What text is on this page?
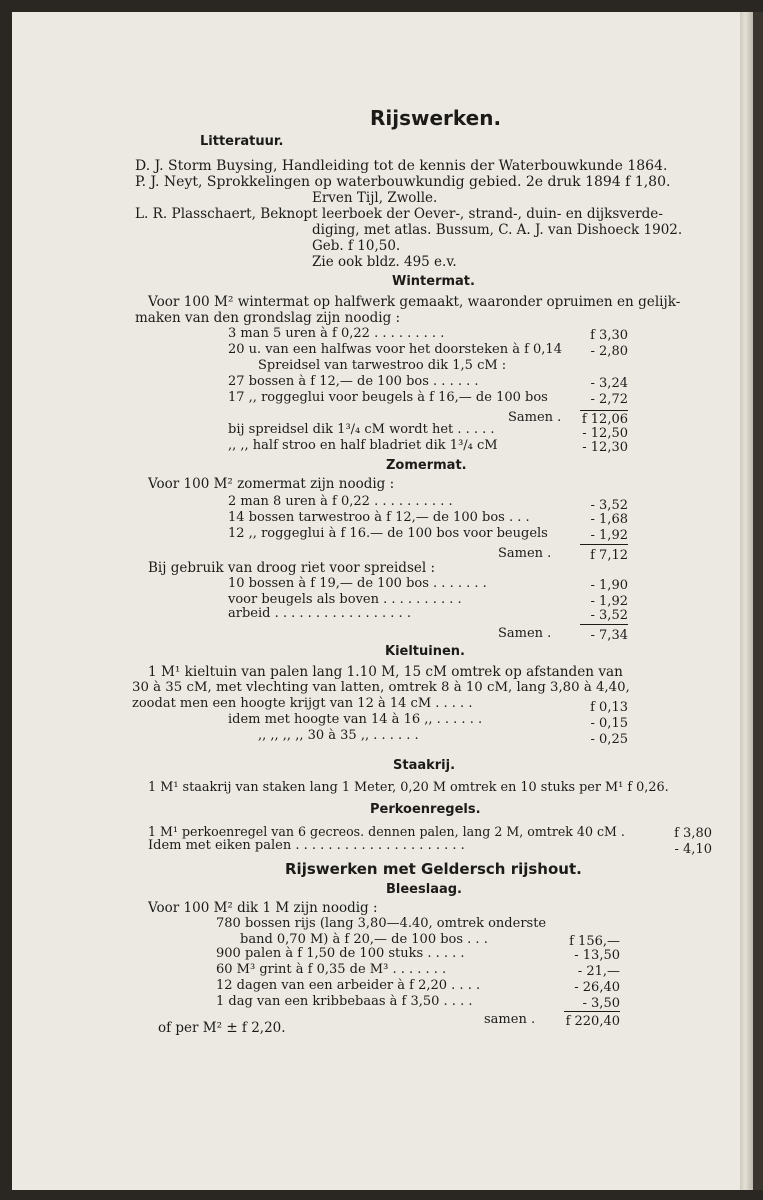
Rijswerken.
Litteratuur.
D. J. Storm Buysing, Handleiding tot de kennis der Waterbouwkunde 1864.
P. J. Neyt, Sprokkelingen op waterbouwkundig gebied. 2e druk 1894 f 1,80.
Erven Tijl, Zwolle.
L. R. Plasschaert, Beknopt leerboek der Oever-, strand-, duin- en dijksverde-
diging, met atlas. Bussum, C. A. J. van Dishoeck 1902.
Geb. f 10,50.
Zie ook bldz. 495 e.v.
Wintermat.
Voor 100 M² wintermat op halfwerk gemaakt, waaronder opruimen en gelijk-
maken van den grondslag zijn noodig :
3 man 5 uren à f 0,22 . . . . . . . . .	f 3,30
20 u. van een halfwas voor het doorsteken à f 0,14	- 2,80
Spreidsel van tarwestroo dik 1,5 cM :
27 bossen à f 12,— de 100 bos . . . . . .	- 3,24
17 ,, roggeglui voor beugels à f 16,— de 100 bos	- 2,72
Samen .	f 12,06
bij spreidsel dik 1³/₄ cM wordt het . . . . .	- 12,50
,, ,, half stroo en half bladriet dik 1³/₄ cM	- 12,30
Zomermat.
Voor 100 M² zomermat zijn noodig :
2 man 8 uren à f 0,22 . . . . . . . . . .	- 3,52
14 bossen tarwestroo à f 12,— de 100 bos . . .	- 1,68
12 ,, roggeglui à f 16.— de 100 bos voor beugels	- 1,92
Samen .	f 7,12
Bij gebruik van droog riet voor spreidsel :
10 bossen à f 19,— de 100 bos . . . . . . .	- 1,90
voor beugels als boven . . . . . . . . . .	- 1,92
arbeid . . . . . . . . . . . . . . . . .	- 3,52
Samen .	- 7,34
Kieltuinen.
1 M¹ kieltuin van palen lang 1.10 M, 15 cM omtrek op afstanden van
30 à 35 cM, met vlechting van latten, omtrek 8 à 10 cM, lang 3,80 à 4,40,
zoodat men een hoogte krijgt van 12 à 14 cM . . . . .	f 0,13
idem met hoogte van 14 à 16 ,, . . . . . .	- 0,15
,, ,, ,, ,, 30 à 35 ,, . . . . . .	- 0,25
Staakrij.
1 M¹ staakrij van staken lang 1 Meter, 0,20 M omtrek en 10 stuks per M¹ f 0,26.
Perkoenregels.
1 M¹ perkoenregel van 6 gecreos. dennen palen, lang 2 M, omtrek 40 cM .	f 3,80
Idem met eiken palen . . . . . . . . . . . . . . . . . . . . .	- 4,10
Rijswerken met Geldersch rijshout.
Bleeslaag.
Voor 100 M² dik 1 M zijn noodig :
780 bossen rijs (lang 3,80—4.40, omtrek onderste
band 0,70 M) à f 20,— de 100 bos . . .	f 156,—
900 palen à f 1,50 de 100 stuks . . . . .	- 13,50
60 M³ grint à f 0,35 de M³ . . . . . . .	- 21,—
12 dagen van een arbeider à f 2,20 . . . .	- 26,40
1 dag van een kribbebaas à f 3,50 . . . .	- 3,50
samen .	f 220,40
of per M² ± f 2,20.
